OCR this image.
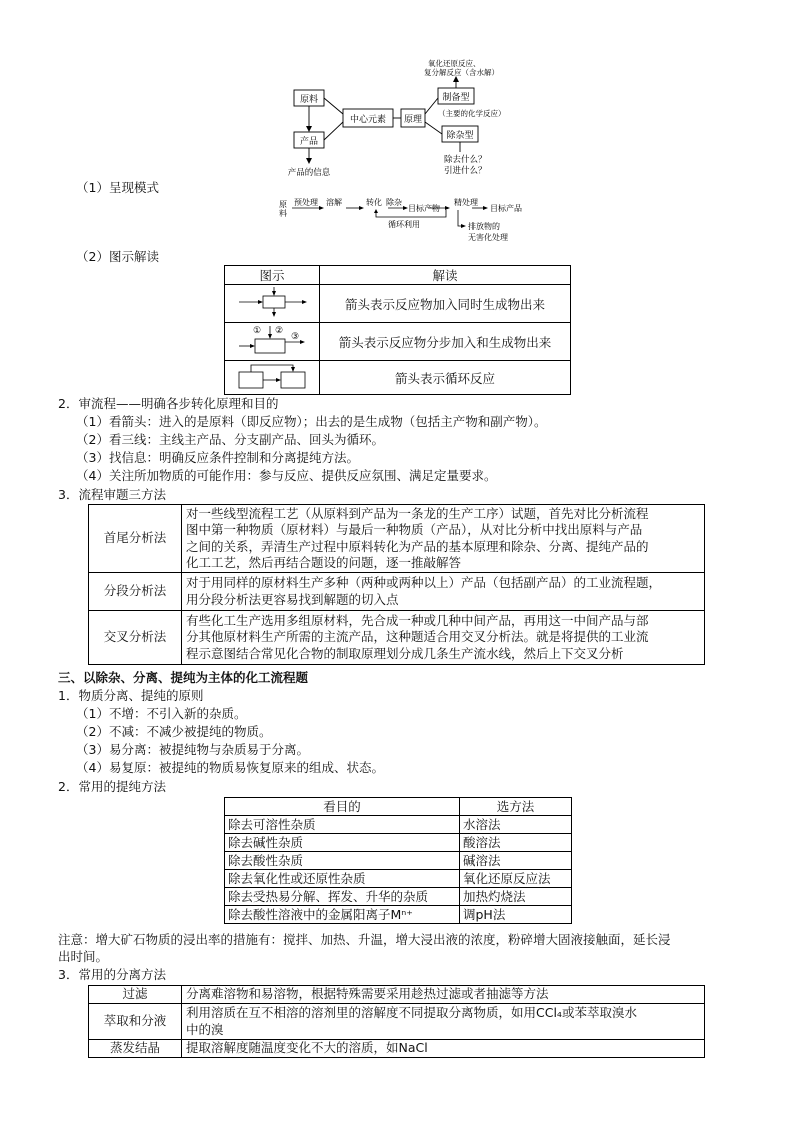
原料
产品
产品的信息
中心元素 原理
制备型
除杂型
氧化还原反应、
复分解反应（含水解）
（主要的化学反应）
除去什么？
引进什么？
（1）呈现模式
原
料
预处理 溶解	转化 除杂
目标产物
精处理
目标产品
循环利用	排放物的
无害化处理
（2）图示解读
图示	解读
	箭头表示反应物加入同时生成物出来

① ②
③	箭头表示反应物分步加入和生成物出来
	箭头表示循环反应
2．审流程——明确各步转化原理和目的
（1）看箭头：进入的是原料（即反应物）；出去的是生成物（包括主产物和副产物）。
（2）看三线：主线主产品、分支副产品、回头为循环。
（3）找信息：明确反应条件控制和分离提纯方法。
（4）关注所加物质的可能作用：参与反应、提供反应氛围、满足定量要求。
3．流程审题三方法
首尾分析法	对一些线型流程工艺（从原料到产品为一条龙的生产工序）试题，首先对比分析流程
图中第一种物质（原材料）与最后一种物质（产品），从对比分析中找出原料与产品
之间的关系，弄清生产过程中原料转化为产品的基本原理和除杂、分离、提纯产品的
化工工艺，然后再结合题设的问题，逐一推敲解答

分段分析法	对于用同样的原材料生产多种（两种或两种以上）产品（包括副产品）的工业流程题，
用分段分析法更容易找到解题的切入点

交叉分析法	有些化工生产选用多组原材料，先合成一种或几种中间产品，再用这一中间产品与部
分其他原材料生产所需的主流产品，这种题适合用交叉分析法。就是将提供的工业流
程示意图结合常见化合物的制取原理划分成几条生产流水线，然后上下交叉分析
三、以除杂、分离、提纯为主体的化工流程题
1．物质分离、提纯的原则
（1）不增：不引入新的杂质。
（2）不减：不减少被提纯的物质。
（3）易分离：被提纯物与杂质易于分离。
（4）易复原：被提纯的物质易恢复原来的组成、状态。
2．常用的提纯方法
看目的	选方法
除去可溶性杂质	水溶法
除去碱性杂质	酸溶法
除去酸性杂质	碱溶法
除去氧化性或还原性杂质	氧化还原反应法
除去受热易分解、挥发、升华的杂质	加热灼烧法
除去酸性溶液中的金属阳离子Mⁿ⁺	调pH法
注意：增大矿石物质的浸出率的措施有：搅拌、加热、升温，增大浸出液的浓度，粉碎增大固液接触面，延长浸
出时间。
3．常用的分离方法
过滤	分离难溶物和易溶物，根据特殊需要采用趁热过滤或者抽滤等方法

萃取和分液	利用溶质在互不相溶的溶剂里的溶解度不同提取分离物质，如用CCl₄或苯萃取溴水
中的溴

蒸发结晶	提取溶解度随温度变化不大的溶质，如NaCl
